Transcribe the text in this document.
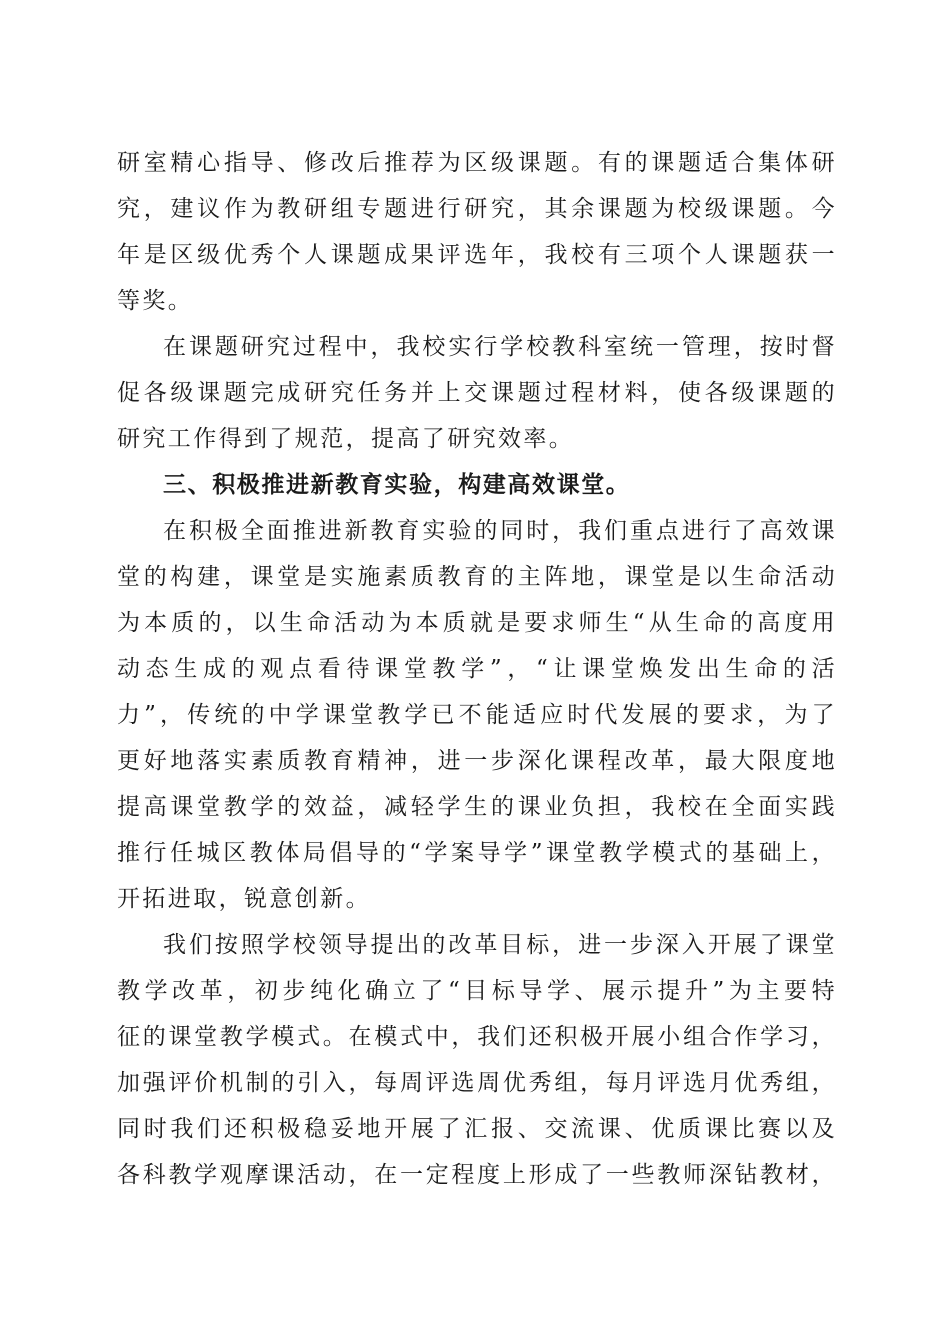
研室精心指导、修改后推荐为区级课题。有的课题适合集体研
究，建议作为教研组专题进行研究，其余课题为校级课题。今
年是区级优秀个人课题成果评选年，我校有三项个人课题获一
等奖。
在课题研究过程中，我校实行学校教科室统一管理，按时督
促各级课题完成研究任务并上交课题过程材料，使各级课题的
研究工作得到了规范，提高了研究效率。
三、积极推进新教育实验，构建高效课堂。
在积极全面推进新教育实验的同时，我们重点进行了高效课
堂的构建，课堂是实施素质教育的主阵地，课堂是以生命活动
为本质的，以生命活动为本质就是要求师生“从生命的高度用
动态生成的观点看待课堂教学”，“让课堂焕发出生命的活
力”，传统的中学课堂教学已不能适应时代发展的要求，为了
更好地落实素质教育精神，进一步深化课程改革，最大限度地
提高课堂教学的效益，减轻学生的课业负担，我校在全面实践
推行任城区教体局倡导的“学案导学”课堂教学模式的基础上，
开拓进取，锐意创新。
我们按照学校领导提出的改革目标，进一步深入开展了课堂
教学改革，初步纯化确立了“目标导学、展示提升”为主要特
征的课堂教学模式。在模式中，我们还积极开展小组合作学习，
加强评价机制的引入，每周评选周优秀组，每月评选月优秀组，
同时我们还积极稳妥地开展了汇报、交流课、优质课比赛以及
各科教学观摩课活动，在一定程度上形成了一些教师深钻教材，
